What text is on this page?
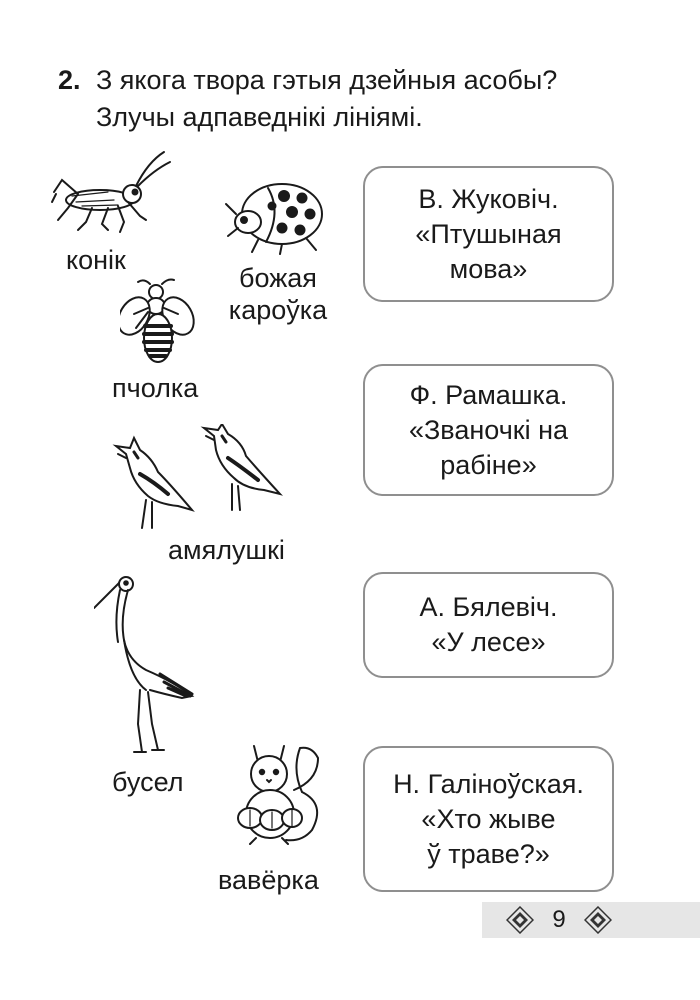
2. З якога твора гэтыя дзейныя асобы?
Злучы адпаведнікі лініямі.
конік
божая
кароўка
пчолка
амялушкі
бусел
вавёрка
В. Жуковіч.
«Птушыная
мова»
Ф. Рамашка.
«Званочкі на
рабіне»
А. Бялевіч.
«У лесе»
Н. Галіноўская.
«Хто жыве
ў траве?»
9
